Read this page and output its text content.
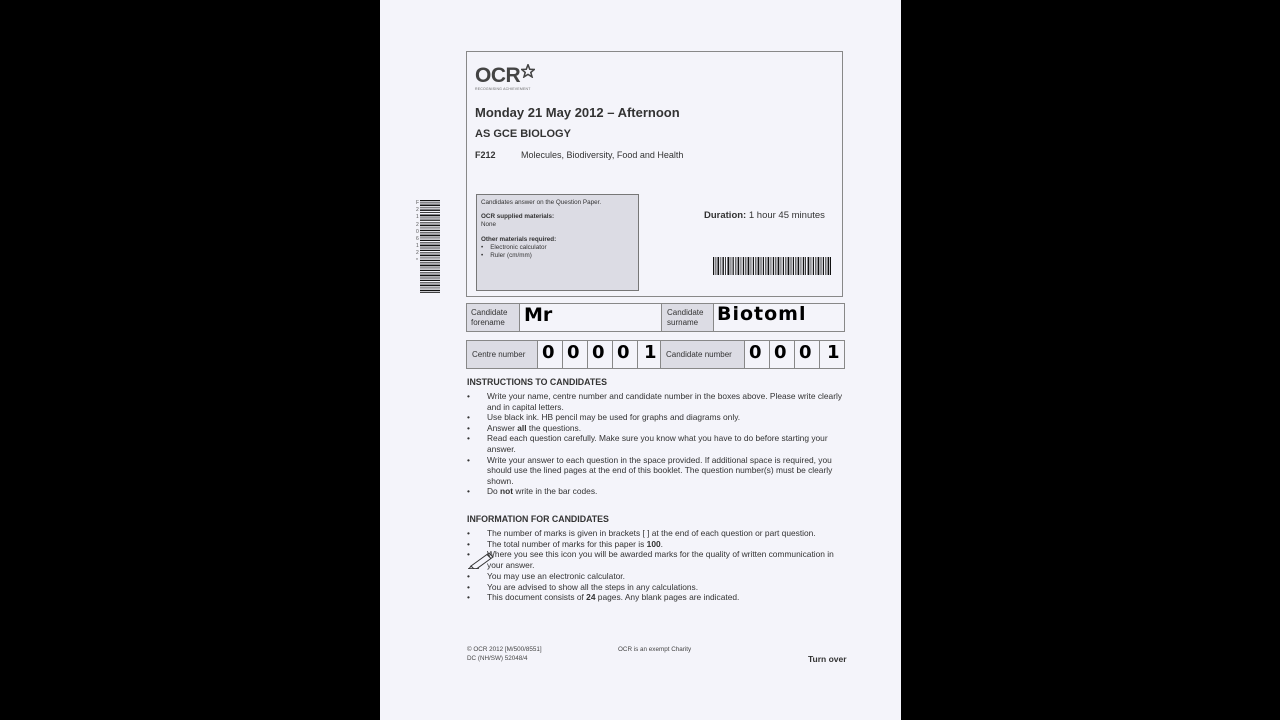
F
2
1
2
0
6
1
2
*
OCR
RECOGNISING ACHIEVEMENT
Monday 21 May 2012 – Afternoon
AS GCE BIOLOGY
F212	Molecules, Biodiversity, Food and Health
Candidates answer on the Question Paper.
OCR supplied materials:
None
Other materials required:
•    Electronic calculator
•    Ruler (cm/mm)
Duration: 1 hour 45 minutes
Candidate
forename Mr	Candidate
surname Biotoml
Centre number 0 0 0 0 1 Candidate number 0 0 0 1
INSTRUCTIONS TO CANDIDATES
• Write your name, centre number and candidate number in the boxes above. Please write clearly and in capital letters.
• Use black ink. HB pencil may be used for graphs and diagrams only.
• Answer all the questions.
• Read each question carefully. Make sure you know what you have to do before starting your answer.
• Write your answer to each question in the space provided. If additional space is required, you should use the lined pages at the end of this booklet. The question number(s) must be clearly shown.
• Do not write in the bar codes.
INFORMATION FOR CANDIDATES
• The number of marks is given in brackets [ ] at the end of each question or part question.
• The total number of marks for this paper is 100.
• Where you see this icon you will be awarded marks for the quality of written communication in your answer.
• You may use an electronic calculator.
• You are advised to show all the steps in any calculations.
• This document consists of 24 pages. Any blank pages are indicated.
© OCR 2012 [M/500/8551]
DC (NH/SW) 52048/4
OCR is an exempt Charity
Turn over
